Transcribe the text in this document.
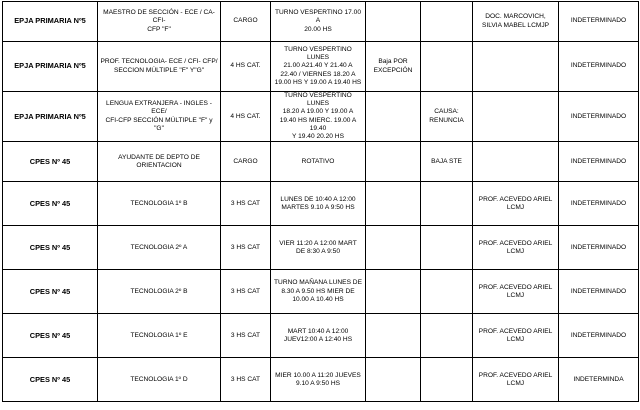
EPJA PRIMARIA Nº5	MAESTRO DE SECCIÓN - ECE / CA-CFI-
CFP "F"	CARGO	TURNO VESPERTINO 17.00 A
20.00 HS			DOC. MARCOVICH,
SILVIA MABEL LCMJP	INDETERMINADO
EPJA PRIMARIA Nº5	PROF. TECNOLOGIA- ECE / CFI- CFP/
SECCION MÚLTIPLE "F" Y"G"	4 HS CAT.	TURNO VESPERTINO LUNES
21.00 A21.40 Y 21.40 A
22.40 / VIERNES 18.20 A
19.00 HS Y 19.00 A 19.40 HS	Baja POR
EXCEPCIÓN			INDETERMINADO
EPJA PRIMARIA Nº5	LENGUA EXTRANJERA - INGLES -ECE/
CFI-CFP SECCIÓN MÚLTIPLE "F" y "G"	4 HS CAT.	TURNO VESPERTINO LUNES
18.20 A 19.00 Y 19.00 A
19.40 HS MIERC. 19.00 A 19.40
Y 19.40 20.20 HS		CAUSA:
RENUNCIA		INDETERMINADO
CPES Nº 45	AYUDANTE DE DEPTO DE
ORIENTACION	CARGO	ROTATIVO		BAJA STE		INDETERMINADO
CPES Nº 45	TECNOLOGIA 1º B	3 HS CAT	LUNES DE 10:40 A 12:00
MARTES 9.10 A 9:50 HS			PROF. ACEVEDO ARIEL
LCMJ	INDETERMINADO
CPES Nº 45	TECNOLOGIA 2º A	3 HS CAT	VIER 11:20 A 12:00 MART
DE 8:30 A 9:50			PROF. ACEVEDO ARIEL
LCMJ	INDETERMINADO
CPES Nº 45	TECNOLOGIA 2º B	3 HS CAT	TURNO MAÑANA LUNES DE
8.30 A 9.50 HS MIER DE
10.00 A 10.40 HS			PROF. ACEVEDO ARIEL
LCMJ	INDETERMINADO
CPES Nº 45	TECNOLOGIA 1º E	3 HS CAT	MART 10:40 A 12:00
JUEV12:00 A 12:40 HS			PROF. ACEVEDO ARIEL
LCMJ	INDETERMINADO
CPES Nº 45	TECNOLOGIA 1º D	3 HS CAT	MIER 10.00 A 11:20 JUEVES
9.10 A 9:50 HS			PROF. ACEVEDO ARIEL
LCMJ	INDETERMINDA
